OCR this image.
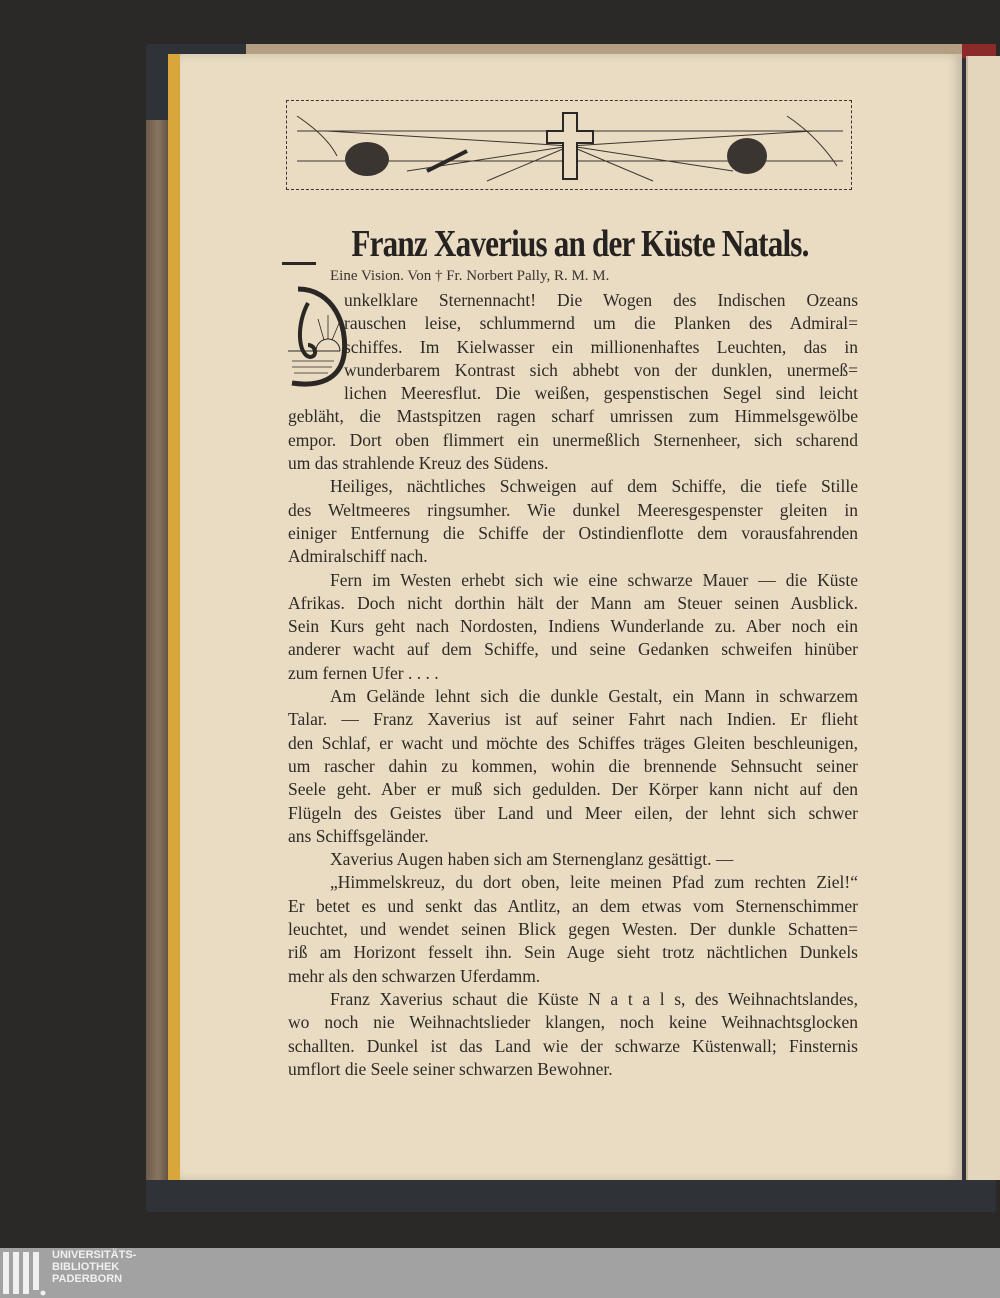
Franz Xaverius an der Küste Natals.
Eine Vision. Von † Fr. Norbert Pally, R. M. M.
unkelklare Sternennacht! Die Wogen des Indischen Ozeans
rauschen leise, schlummernd um die Planken des Admiral=
schiffes. Im Kielwasser ein millionenhaftes Leuchten, das in
wunderbarem Kontrast sich abhebt von der dunklen, unermeß=
lichen Meeresflut. Die weißen, gespenstischen Segel sind leicht
gebläht, die Mastspitzen ragen scharf umrissen zum Himmelsgewölbe
empor. Dort oben flimmert ein unermeßlich Sternenheer, sich scharend
um das strahlende Kreuz des Südens.
Heiliges, nächtliches Schweigen auf dem Schiffe, die tiefe Stille
des Weltmeeres ringsumher. Wie dunkel Meeresgespenster gleiten in
einiger Entfernung die Schiffe der Ostindienflotte dem vorausfahrenden
Admiralschiff nach.
Fern im Westen erhebt sich wie eine schwarze Mauer — die Küste
Afrikas. Doch nicht dorthin hält der Mann am Steuer seinen Ausblick.
Sein Kurs geht nach Nordosten, Indiens Wunderlande zu. Aber noch ein
anderer wacht auf dem Schiffe, und seine Gedanken schweifen hinüber
zum fernen Ufer . . . .
Am Gelände lehnt sich die dunkle Gestalt, ein Mann in schwarzem
Talar. — Franz Xaverius ist auf seiner Fahrt nach Indien. Er flieht
den Schlaf, er wacht und möchte des Schiffes träges Gleiten beschleunigen,
um rascher dahin zu kommen, wohin die brennende Sehnsucht seiner
Seele geht. Aber er muß sich gedulden. Der Körper kann nicht auf den
Flügeln des Geistes über Land und Meer eilen, der lehnt sich schwer
ans Schiffsgeländer.
Xaverius Augen haben sich am Sternenglanz gesättigt. —
„Himmelskreuz, du dort oben, leite meinen Pfad zum rechten Ziel!“
Er betet es und senkt das Antlitz, an dem etwas vom Sternenschimmer
leuchtet, und wendet seinen Blick gegen Westen. Der dunkle Schatten=
riß am Horizont fesselt ihn. Sein Auge sieht trotz nächtlichen Dunkels
mehr als den schwarzen Uferdamm.
Franz Xaverius schaut die Küste N a t a l s, des Weihnachtslandes,
wo noch nie Weihnachtslieder klangen, noch keine Weihnachtsglocken
schallten. Dunkel ist das Land wie der schwarze Küstenwall; Finsternis
umflort die Seele seiner schwarzen Bewohner.
UNIVERSITÄTS-
BIBLIOTHEK
PADERBORN
